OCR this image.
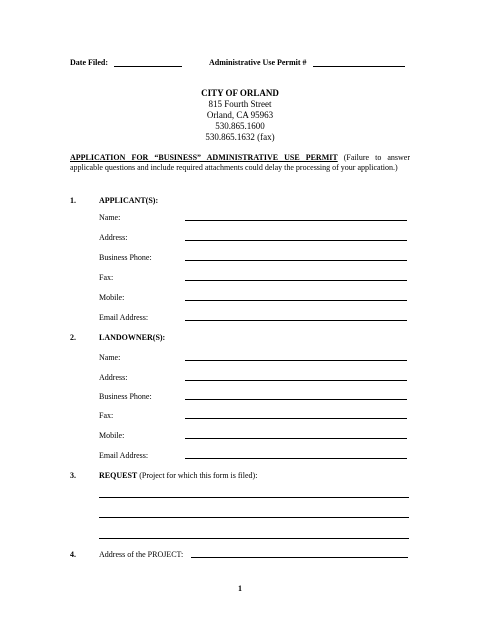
Date Filed:	Administrative Use Permit #
CITY OF ORLAND
815 Fourth Street
Orland, CA 95963
530.865.1600
530.865.1632 (fax)
APPLICATION FOR “BUSINESS” ADMINISTRATIVE USE PERMIT (Failure to answer applicable questions and include required attachments could delay the processing of your application.)
1.	APPLICANT(S):
Name:
Address:
Business Phone:
Fax:
Mobile:
Email Address:
2.	LANDOWNER(S):
Name:
Address:
Business Phone:
Fax:
Mobile:
Email Address:
3.	REQUEST (Project for which this form is filed):
4.	Address of the PROJECT:
1
